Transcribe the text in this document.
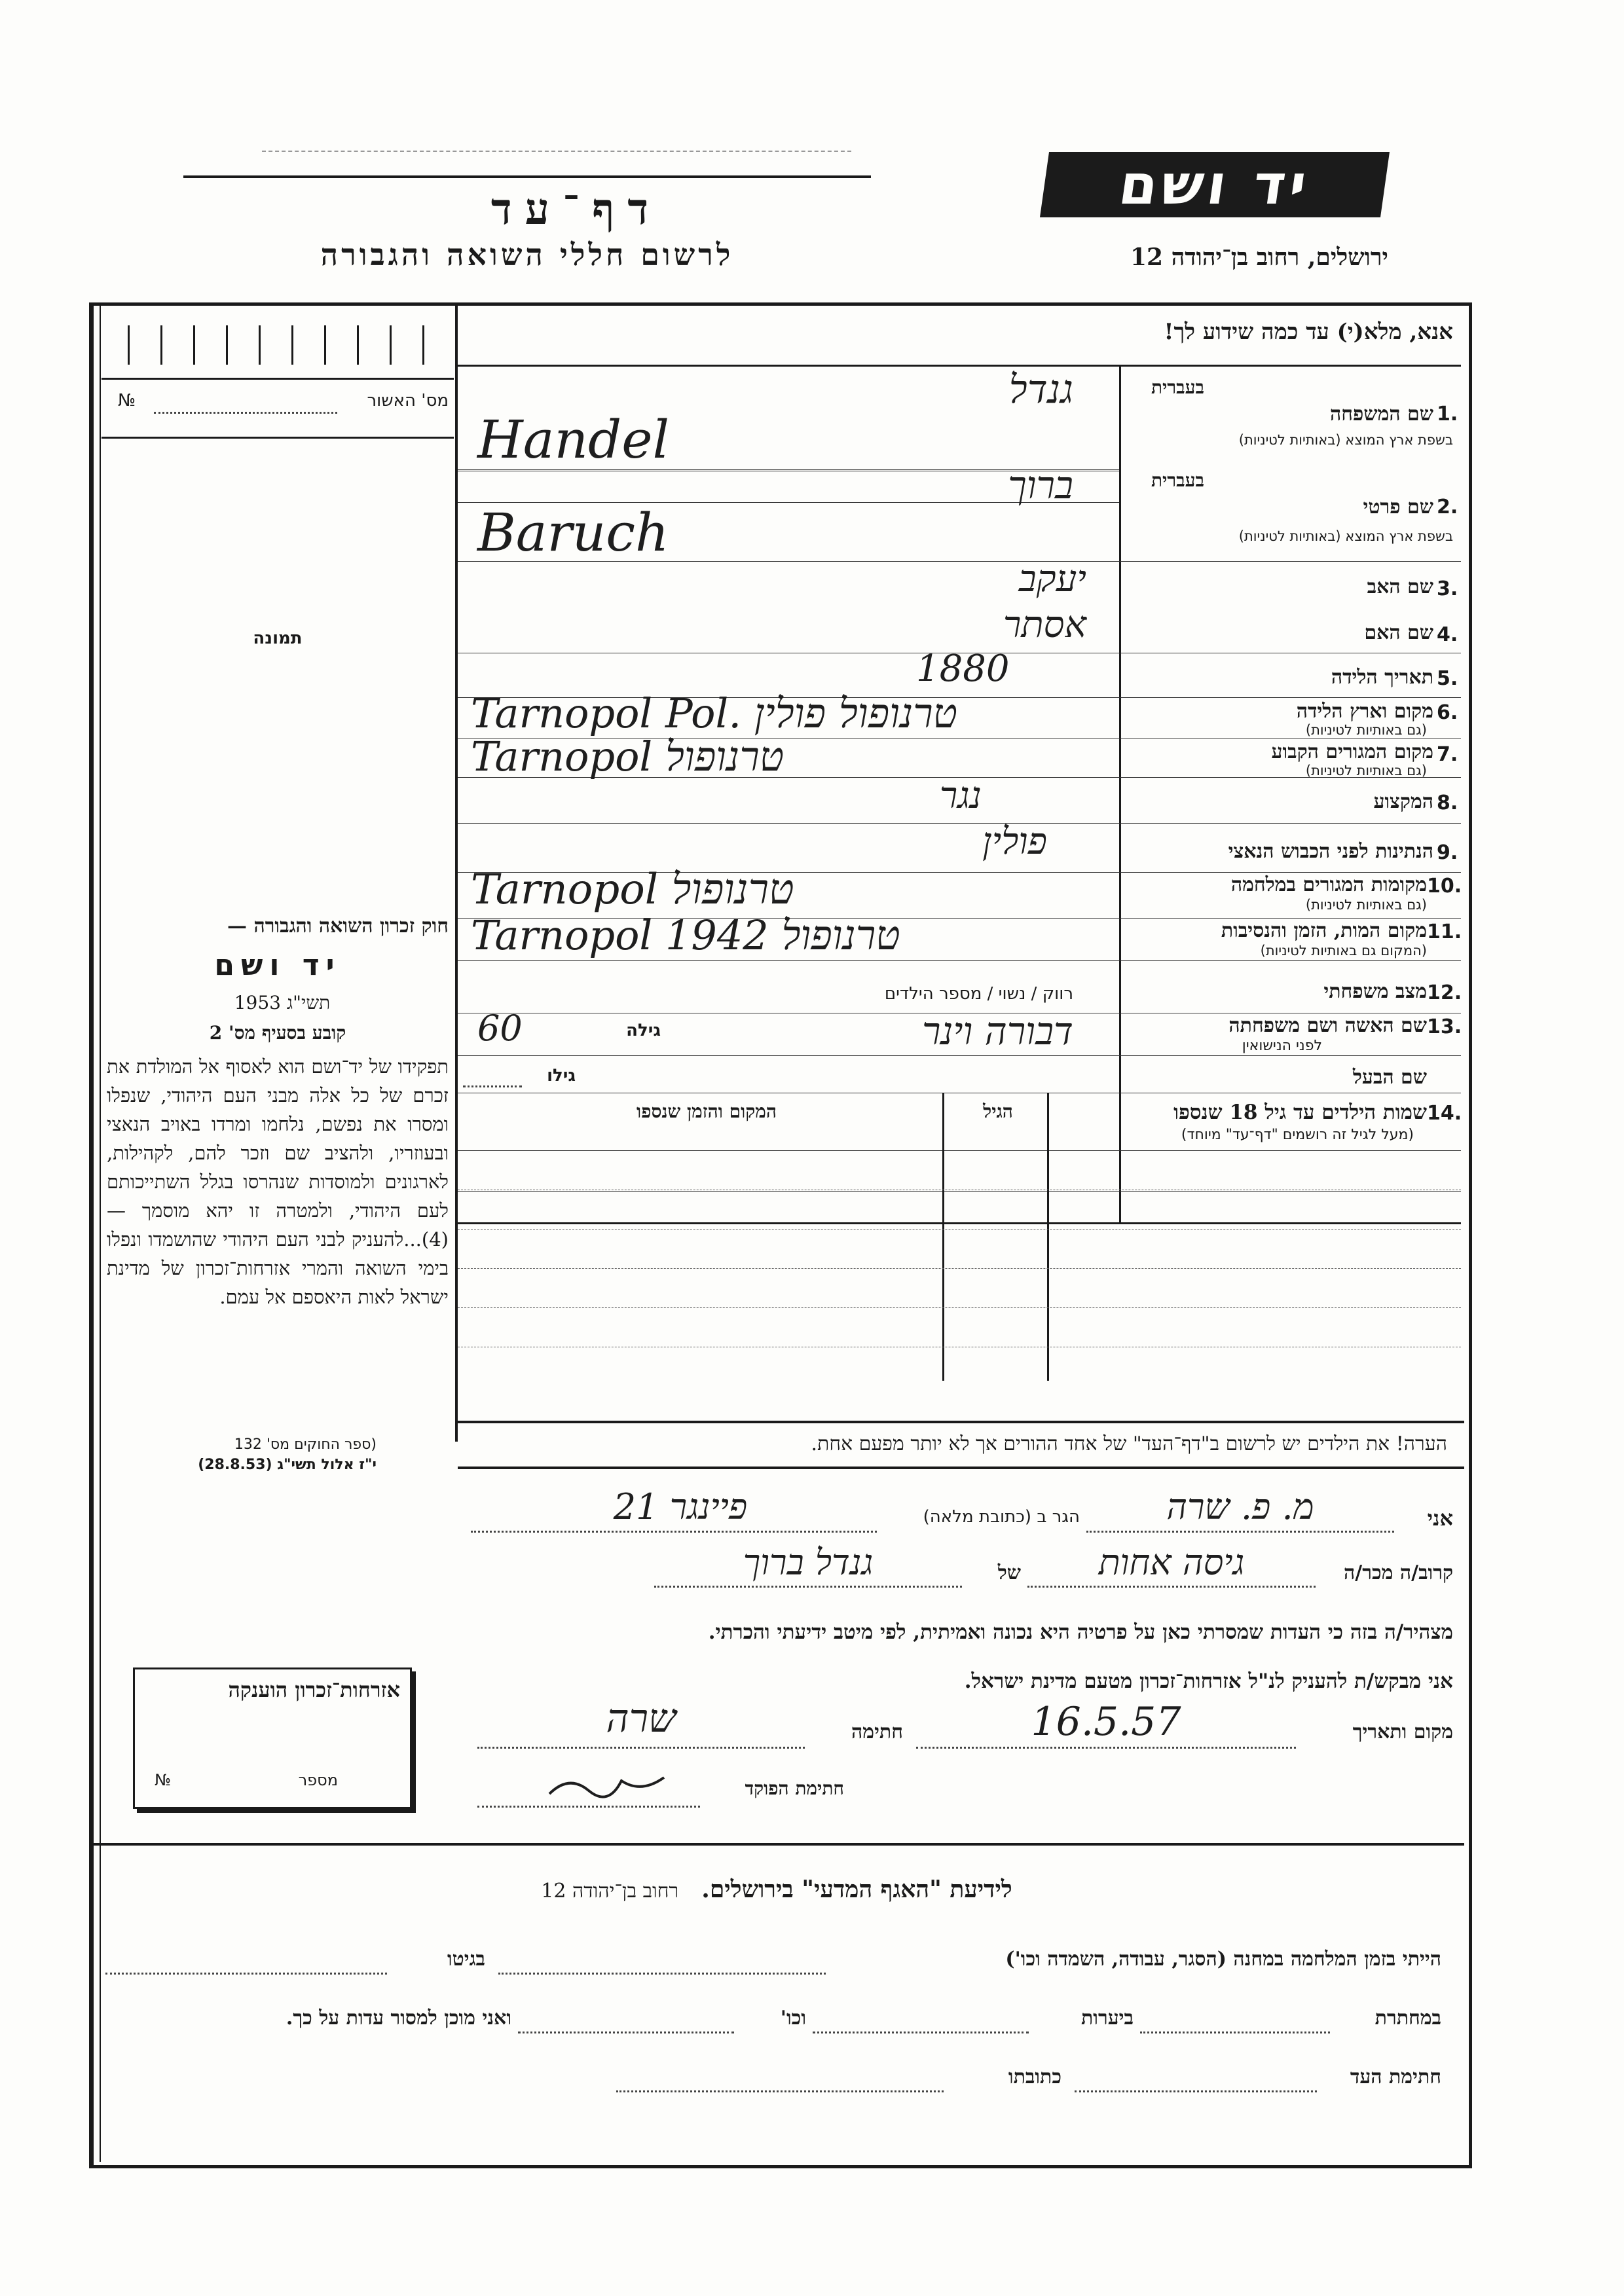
יד ושם
דף־עד
לרשום חללי השואה והגבורה	ירושלים, רחוב בן־יהודה 12
מס' האשור
№
תמונה
חוק זכרון השואה והגבורה —
יד ושם
תשי"ג 1953
קובע בסעיף מס' 2
תפקידו של יד־ושם הוא לאסוף אל המולדת את זכרם של כל אלה מבני העם היהודי, שנפלו ומסרו את נפשם, נלחמו ומרדו באויב הנאצי ובעוזריו, ולהציב שם וזכר להם, לקהילות, לארגונים ולמוסדות שנהרסו בגלל השתייכותם לעם היהודי, ולמטרה זו יהא מוסמך — (4)...להעניק לבני העם היהודי שהושמדו ונפלו בימי השואה והמרי אזרחות־זכרון של מדינת ישראל לאות היאספם אל עמם.
(ספר החוקים מס' 132
י"ז אלול תשי"ג (28.8.53)
אזרחות־זכרון הוענקה
מספר
№
אנא, מלא(י) עד כמה שידוע לך!
בעברית
1.
שם המשפחה
בשפת ארץ המוצא (באותיות לטיניות)
גנדל
Handel
בעברית
2.
שם פרטי
בשפת ארץ המוצא (באותיות לטיניות)
ברוך
Baruch
3.
שם האב
יעקב
4.
שם האם
אסתר
5.
תאריך הלידה
1880
6.
מקום וארץ הלידה
(גם באותיות לטיניות)
Tarnopol Pol. טרנופול פולין
7.
מקום המגורים הקבוע
(גם באותיות לטיניות)
Tarnopol טרנופול
8.
המקצוע
נגר
9.
הנתינות לפני הכבוש הנאצי
פולין
10.
מקומות המגורים במלחמה
(גם באותיות לטיניות)
Tarnopol טרנופול
11.
מקום המות, הזמן והנסיבות
(המקום גם באותיות לטיניות)
Tarnopol 1942 טרנופול
12.
מצב משפחתי
רווק / נשוי / מספר הילדים
13.
שם האשה ושם משפחתה
לפני הנישואין
דבורה וינר
גילה
60
שם הבעל
גילו
14.
שמות הילדים עד גיל 18 שנספו
(מעל לגיל זה רושמים "דף־עד" מיוחד)
הגיל
המקום והזמן שנספו
הערה! את הילדים יש לרשום ב"דף־העד" של אחד ההורים אך לא יותר מפעם אחת.
אני
מ. פ. שרה
הגר ב (כתובת מלאה)
21 פיינגר
קרוב/ה מכר/ה
גיסה אחות
של
גנדל ברוך
מצהיר/ה בזה כי העדות שמסרתי כאן על פרטיה היא נכונה ואמיתית, לפי מיטב ידיעתי והכרתי.
אני מבקש/ת להעניק לנ"ל אזרחות־זכרון מטעם מדינת ישראל.
מקום ותאריך
16.5.57
חתימה
שרה
חתימת הפוקד
לידיעת "האגף המדעי" בירושלים. רחוב בן־יהודה 12
הייתי בזמן המלחמה במחנה (הסגר, עבודה, השמדה וכו')
בגיטו
במחתרת
ביערות
וכו'
ואני מוכן למסור עדות על כך.
חתימת העד
כתובתו
